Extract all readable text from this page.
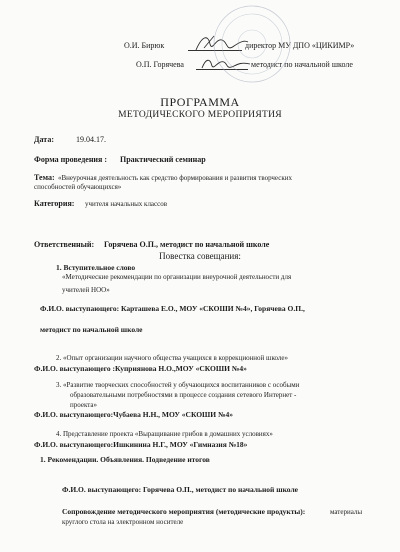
О.И. Бирюк	директор МУ ДПО «ЦИКИМР»
О.П. Горячева	методист по начальной школе
ПРОГРАММА
МЕТОДИЧЕСКОГО МЕРОПРИЯТИЯ
Дата:	19.04.17.
Форма проведения : Практический семинар
Тема: «Внеурочная деятельность как средство формирования и развития творческих
способностей обучающихся»
Категория: учителя начальных классов
Ответственный: Горячева О.П., методист по начальной школе
Повестка совещания:
1. Вступительное слово
«Методические рекомендации по организации внеурочной деятельности для
учителей НОО»
Ф.И.О. выступающего: Карташева Е.О., МОУ «СКОШИ №4», Горячева О.П.,
методист по начальной школе
2. «Опыт организации научного общества учащихся в коррекционной школе»
Ф.И.О. выступающего :Куприянова Н.О.,МОУ «СКОШИ №4»
3. «Развитие творческих способностей у обучающихся воспитанников с особыми
образовательными потребностями в процессе создания сетевого Интернет -
проекта»
Ф.И.О. выступающего:Чубаева Н.Н., МОУ «СКОШИ №4»
4. Представление проекта «Выращивание грибов в домашних условиях»
Ф.И.О. выступающего:Ишкинина Н.Г., МОУ «Гимназия №18»
1. Рекомендации. Объявления. Подведение итогов
Ф.И.О. выступающего: Горячева О.П., методист по начальной школе
Сопровождение методического мероприятия (методические продукты):	материалы
круглого стола на электронном носителе
